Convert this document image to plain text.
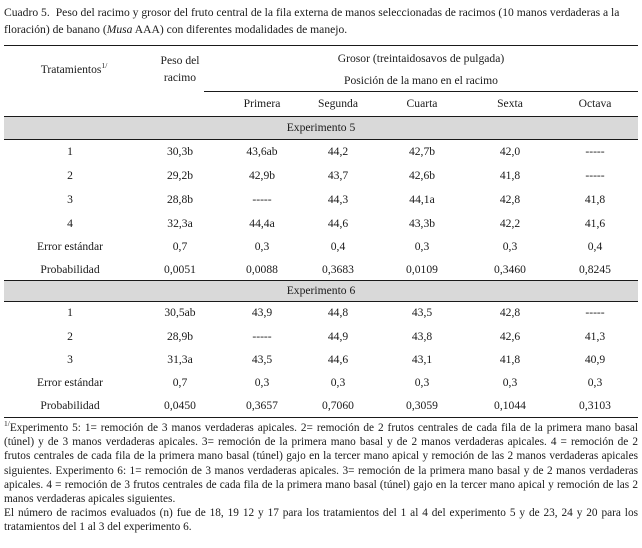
Cuadro 5. Peso del racimo y grosor del fruto central de la fila externa de manos seleccionadas de racimos (10 manos verdaderas a la floración) de banano (Musa AAA) con diferentes modalidades de manejo.
Tratamientos$^{1/}$	Peso del
racimo
Grosor (treintaidosavos de pulgada)
Posición de la mano en el racimo
Primera	Segunda	Cuarta	Sexta	Octava
Experimento 5
1	30,3b	43,6ab	44,2	42,7b	42,0	-----
2	29,2b	42,9b	43,7	42,6b	41,8	-----
3	28,8b	-----	44,3	44,1a	42,8	41,8
4	32,3a	44,4a	44,6	43,3b	42,2	41,6
Error estándar	0,7	0,3	0,4	0,3	0,3	0,4
Probabilidad	0,0051	0,0088	0,3683	0,0109	0,3460	0,8245
Experimento 6
1	30,5ab	43,9	44,8	43,5	42,8	-----
2	28,9b	-----	44,9	43,8	42,6	41,3
3	31,3a	43,5	44,6	43,1	41,8	40,9
Error estándar	0,7	0,3	0,3	0,3	0,3	0,3
Probabilidad	0,0450	0,3657	0,7060	0,3059	0,1044	0,3103

$^{1/}$Experimento 5: 1= remoción de 3 manos verdaderas apicales. 2= remoción de 2 frutos centrales de cada fila de la primera mano basal (túnel) y de 3 manos verdaderas apicales. 3= remoción de la primera mano basal y de 2 manos verdaderas apicales. 4 = remoción de 2 frutos centrales de cada fila de la primera mano basal (túnel) gajo en la tercer mano apical y remoción de las 2 manos verdaderas apicales siguientes. Experimento 6: 1= remoción de 3 manos verdaderas apicales. 3= remoción de la primera mano basal y de 2 manos verdaderas apicales. 4 = remoción de 3 frutos centrales de cada fila de la primera mano basal (túnel) gajo en la tercer mano apical y remoción de las 2 manos verdaderas apicales siguientes.

El número de racimos evaluados (n) fue de 18, 19 12 y 17 para los tratamientos del 1 al 4 del experimento 5 y de 23, 24 y 20 para los tratamientos del 1 al 3 del experimento 6.
